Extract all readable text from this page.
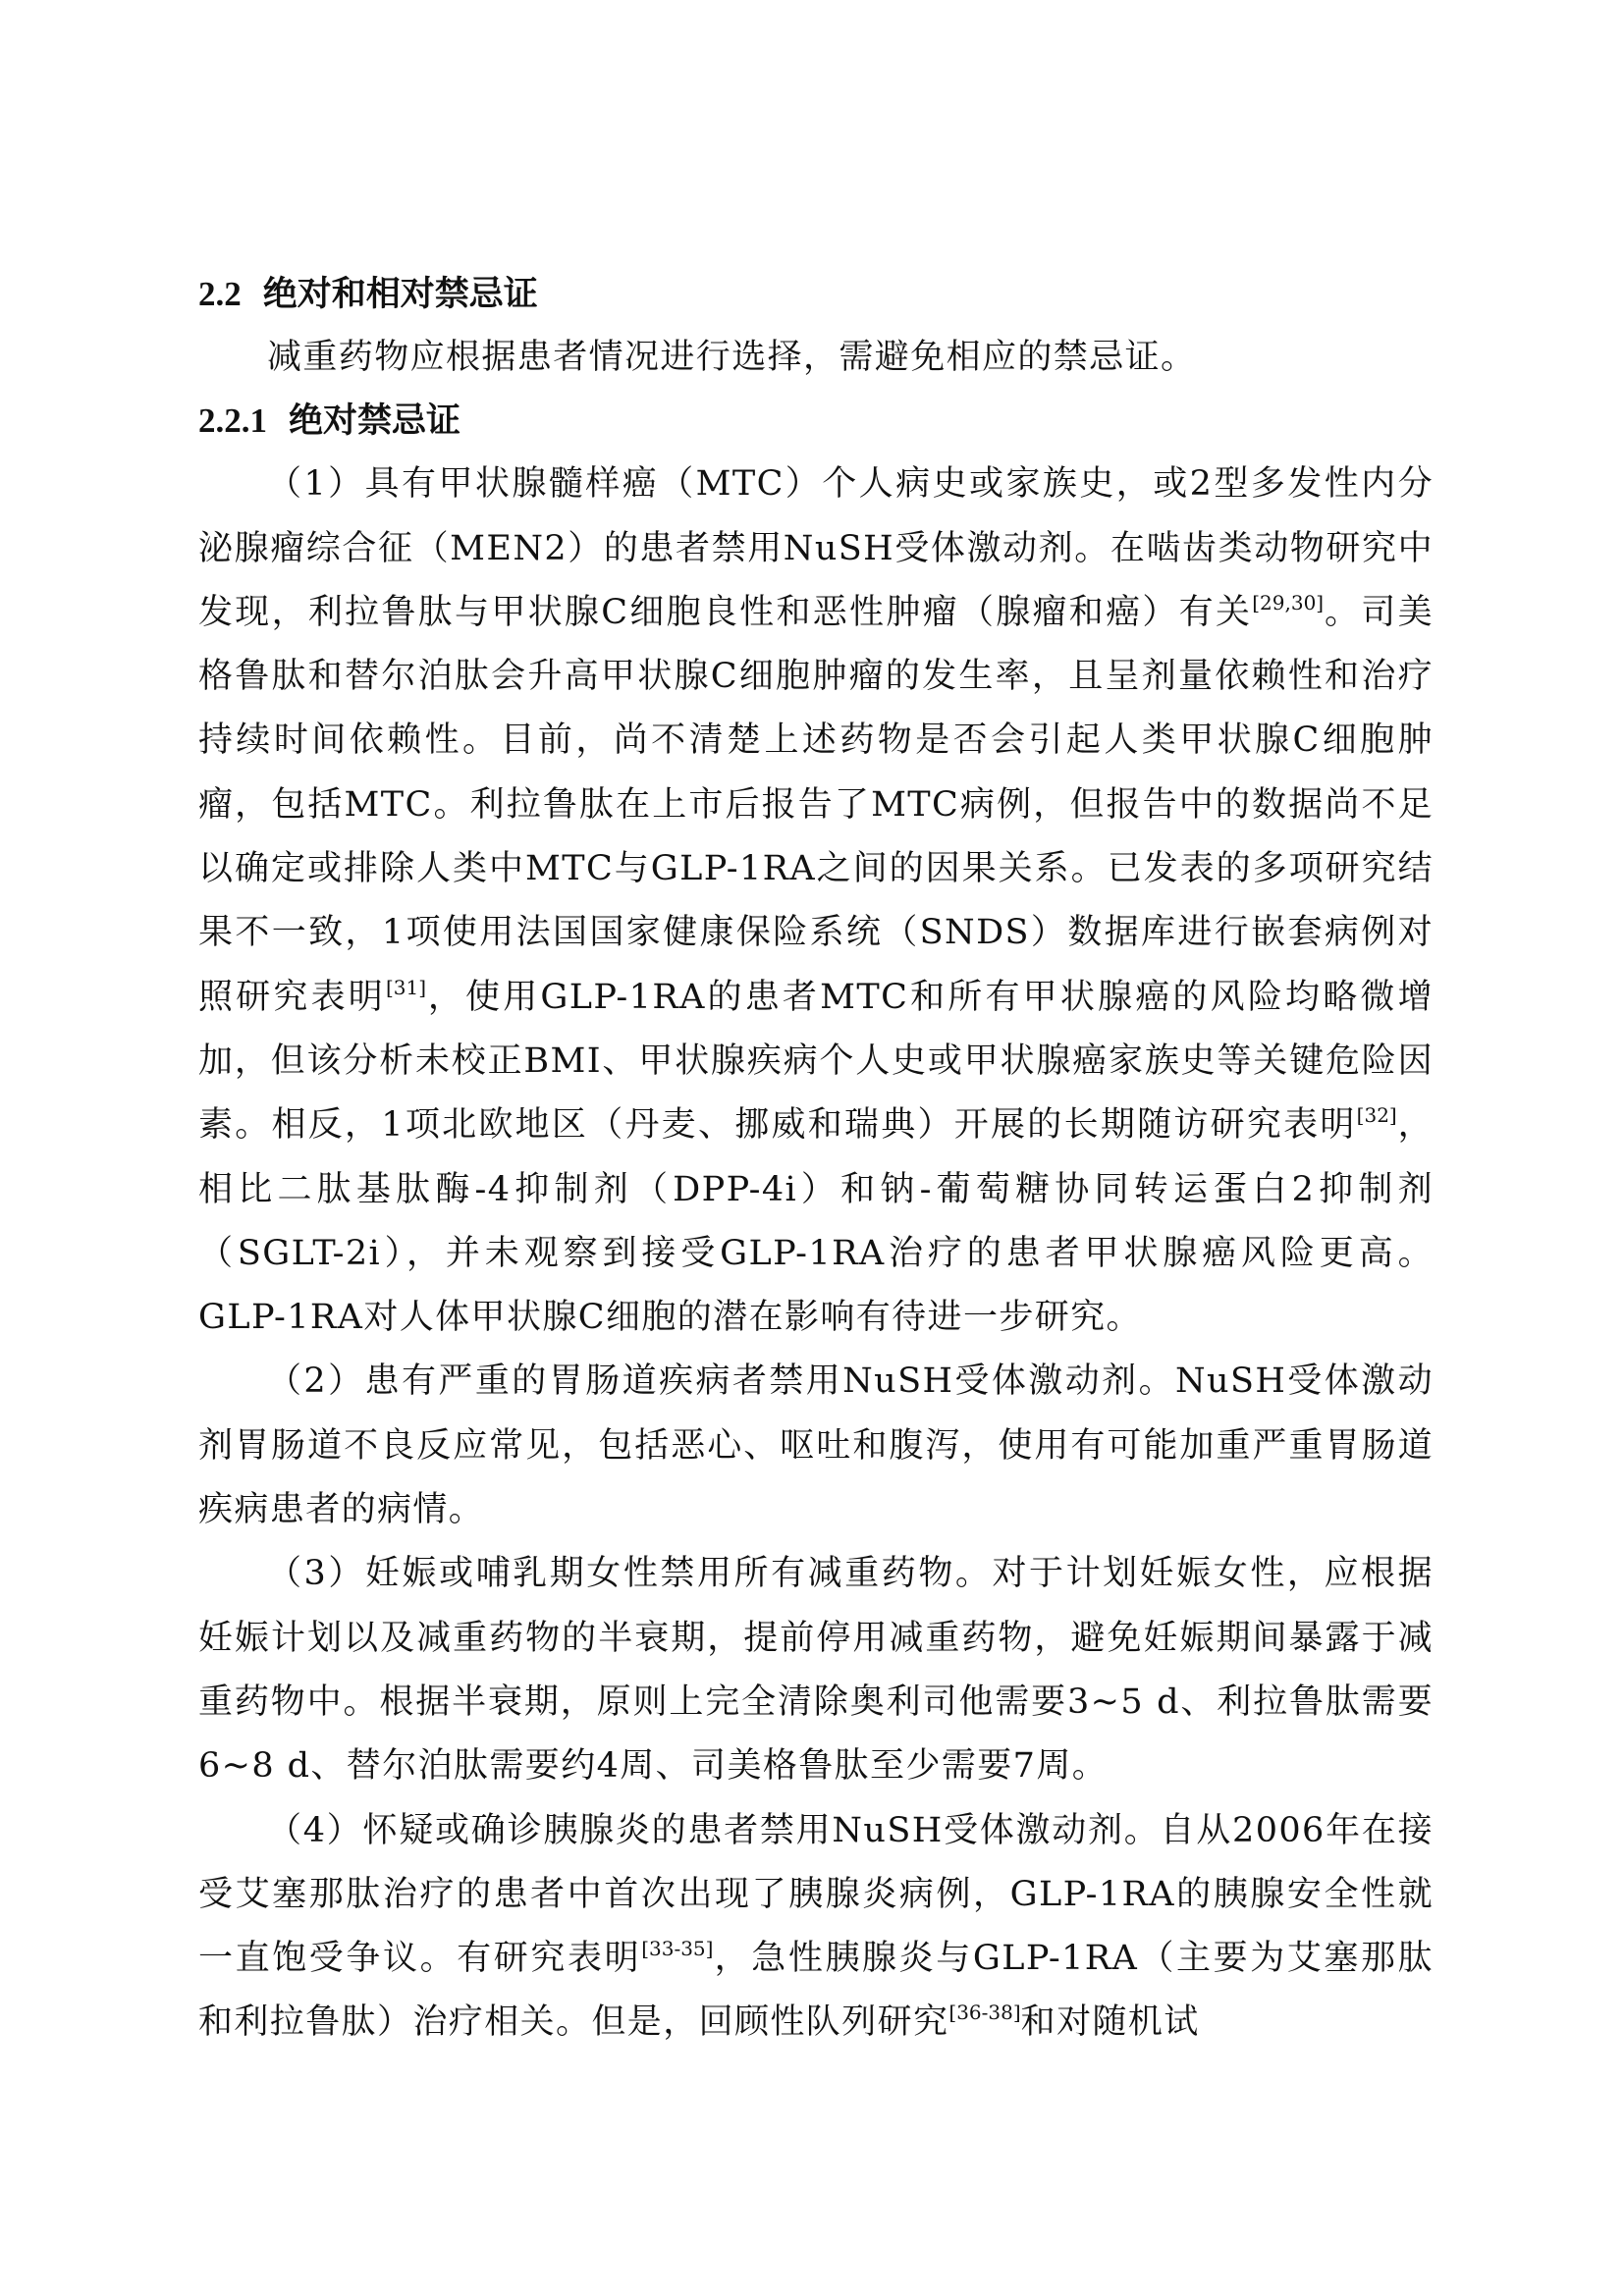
2.2 绝对和相对禁忌证

减重药物应根据患者情况进行选择，需避免相应的禁忌证。

2.2.1 绝对禁忌证

（1）具有甲状腺髓样癌（MTC）个人病史或家族史，或2型多发性内分泌腺瘤综合征（MEN2）的患者禁用NuSH受体激动剂。在啮齿类动物研究中发现，利拉鲁肽与甲状腺C细胞良性和恶性肿瘤（腺瘤和癌）有关[29,30]。司美格鲁肽和替尔泊肽会升高甲状腺C细胞肿瘤的发生率，且呈剂量依赖性和治疗持续时间依赖性。目前，尚不清楚上述药物是否会引起人类甲状腺C细胞肿瘤，包括MTC。利拉鲁肽在上市后报告了MTC病例，但报告中的数据尚不足以确定或排除人类中MTC与GLP-1RA之间的因果关系。已发表的多项研究结果不一致，1项使用法国国家健康保险系统（SNDS）数据库进行嵌套病例对照研究表明[31]，使用GLP-1RA的患者MTC和所有甲状腺癌的风险均略微增加，但该分析未校正BMI、甲状腺疾病个人史或甲状腺癌家族史等关键危险因素。相反，1项北欧地区（丹麦、挪威和瑞典）开展的长期随访研究表明[32]，相比二肽基肽酶-4抑制剂（DPP-4i）和钠-葡萄糖协同转运蛋白2抑制剂（SGLT-2i），并未观察到接受GLP-1RA治疗的患者甲状腺癌风险更高。GLP-1RA对人体甲状腺C细胞的潜在影响有待进一步研究。

（2）患有严重的胃肠道疾病者禁用NuSH受体激动剂。NuSH受体激动剂胃肠道不良反应常见，包括恶心、呕吐和腹泻，使用有可能加重严重胃肠道疾病患者的病情。

（3）妊娠或哺乳期女性禁用所有减重药物。对于计划妊娠女性，应根据妊娠计划以及减重药物的半衰期，提前停用减重药物，避免妊娠期间暴露于减重药物中。根据半衰期，原则上完全清除奥利司他需要3~5 d、利拉鲁肽需要6~8 d、替尔泊肽需要约4周、司美格鲁肽至少需要7周。

（4）怀疑或确诊胰腺炎的患者禁用NuSH受体激动剂。自从2006年在接受艾塞那肽治疗的患者中首次出现了胰腺炎病例，GLP-1RA的胰腺安全性就一直饱受争议。有研究表明[33-35]，急性胰腺炎与GLP-1RA（主要为艾塞那肽和利拉鲁肽）治疗相关。但是，回顾性队列研究[36-38]和对随机试
